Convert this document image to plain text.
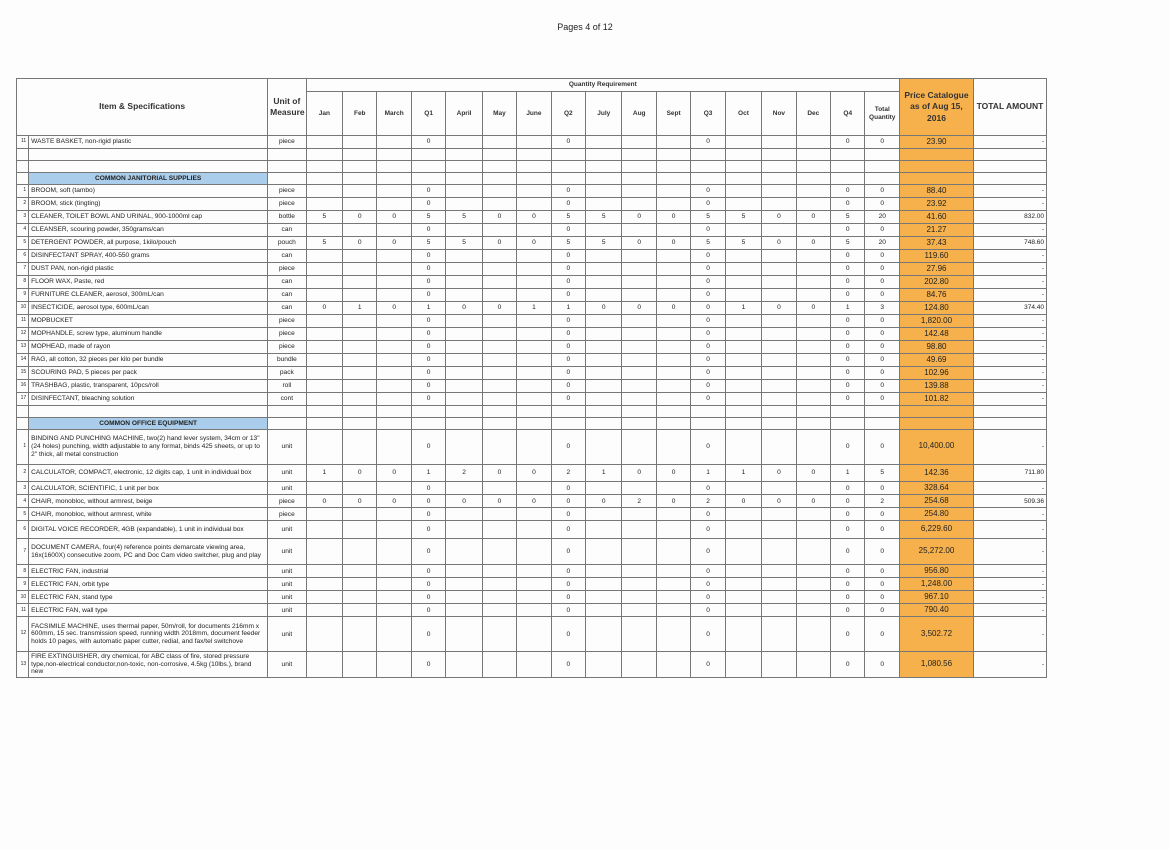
Pages 4 of 12
Item & Specifications		Unit of Measure	Quantity Requirement																	Price Catalogue as of Aug 15, 2016	TOTAL AMOUNT
			Jan	Feb	March	Q1	April	May	June	Q2	July	Aug	Sept	Q3	Oct	Nov	Dec	Q4	Total Quantity		
11	WASTE BASKET, non-rigid plastic	piece				0				0				0				0	0	23.90	-

	COMMON JANITORIAL SUPPLIES																				
1	BROOM, soft (tambo)	piece				0				0				0				0	0	88.40	-
2	BROOM, stick (tingting)	piece				0				0				0				0	0	23.92	-
3	CLEANER, TOILET BOWL AND URINAL, 900-1000ml cap	bottle	5	0	0	5	5	0	0	5	5	0	0	5	5	0	0	5	20	41.60	832.00
4	CLEANSER, scouring powder, 350grams/can	can				0				0				0				0	0	21.27	-
5	DETERGENT POWDER, all purpose, 1kilo/pouch	pouch	5	0	0	5	5	0	0	5	5	0	0	5	5	0	0	5	20	37.43	748.60
6	DISINFECTANT SPRAY, 400-550 grams	can				0				0				0				0	0	119.60	-
7	DUST PAN, non-rigid plastic	piece				0				0				0				0	0	27.96	-
8	FLOOR WAX, Paste, red	can				0				0				0				0	0	202.80	-
9	FURNITURE CLEANER, aerosol, 300mL/can	can				0				0				0				0	0	84.76	-
10	INSECTICIDE, aerosol type, 600mL/can	can	0	1	0	1	0	0	1	1	0	0	0	0	1	0	0	1	3	124.80	374.40
11	MOPBUCKET	piece				0				0				0				0	0	1,820.00	-
12	MOPHANDLE, screw type, aluminum handle	piece				0				0				0				0	0	142.48	-
13	MOPHEAD, made of rayon	piece				0				0				0				0	0	98.80	-
14	RAG, all cotton, 32 pieces per kilo per bundle	bundle				0				0				0				0	0	49.69	-
15	SCOURING PAD, 5 pieces per pack	pack				0				0				0				0	0	102.96	-
16	TRASHBAG, plastic, transparent, 10pcs/roll	roll				0				0				0				0	0	139.88	-
17	DISINFECTANT, bleaching solution	cont				0				0				0				0	0	101.82	-

	COMMON OFFICE EQUIPMENT																				
1	BINDING AND PUNCHING MACHINE, two(2) hand lever system, 34cm or 13" (24 holes) punching, width adjustable to any format, binds 425 sheets, or up to 2" thick, all metal construction	unit				0				0				0				0	0	10,400.00	-
2	CALCULATOR, COMPACT, electronic, 12 digits cap, 1 unit in individual box	unit	1	0	0	1	2	0	0	2	1	0	0	1	1	0	0	1	5	142.36	711.80
3	CALCULATOR, SCIENTIFIC, 1 unit per box	unit				0				0				0				0	0	328.64	-
4	CHAIR, monobloc, without armrest, beige	piece	0	0	0	0	0	0	0	0	0	2	0	2	0	0	0	0	2	254.68	509.36
5	CHAIR, monobloc, without armrest, white	piece				0				0				0				0	0	254.80	-
6	DIGITAL VOICE RECORDER, 4GB (expandable), 1 unit in individual box	unit				0				0				0				0	0	6,229.60	-
7	DOCUMENT CAMERA, four(4) reference points demarcate viewing area, 16x(1600X) consecutive zoom, PC and Doc Cam video switcher, plug and play	unit				0				0				0				0	0	25,272.00	-
8	ELECTRIC FAN, industrial	unit				0				0				0				0	0	956.80	-
9	ELECTRIC FAN, orbit type	unit				0				0				0				0	0	1,248.00	-
10	ELECTRIC FAN, stand type	unit				0				0				0				0	0	967.10	-
11	ELECTRIC FAN, wall type	unit				0				0				0				0	0	790.40	-
12	FACSIMILE MACHINE, uses thermal paper, 50m/roll, for documents 216mm x 600mm, 15 sec. transmission speed, running width 2018mm, document feeder holds 10 pages, with automatic paper cutter, redial, and fax/tel switchove	unit				0				0				0				0	0	3,502.72	-
13	FIRE EXTINGUISHER, dry chemical, for ABC class of fire, stored pressure type,non-electrical conductor,non-toxic, non-corrosive, 4.5kg (10lbs.), brand new	unit				0				0				0				0	0	1,080.56	-
